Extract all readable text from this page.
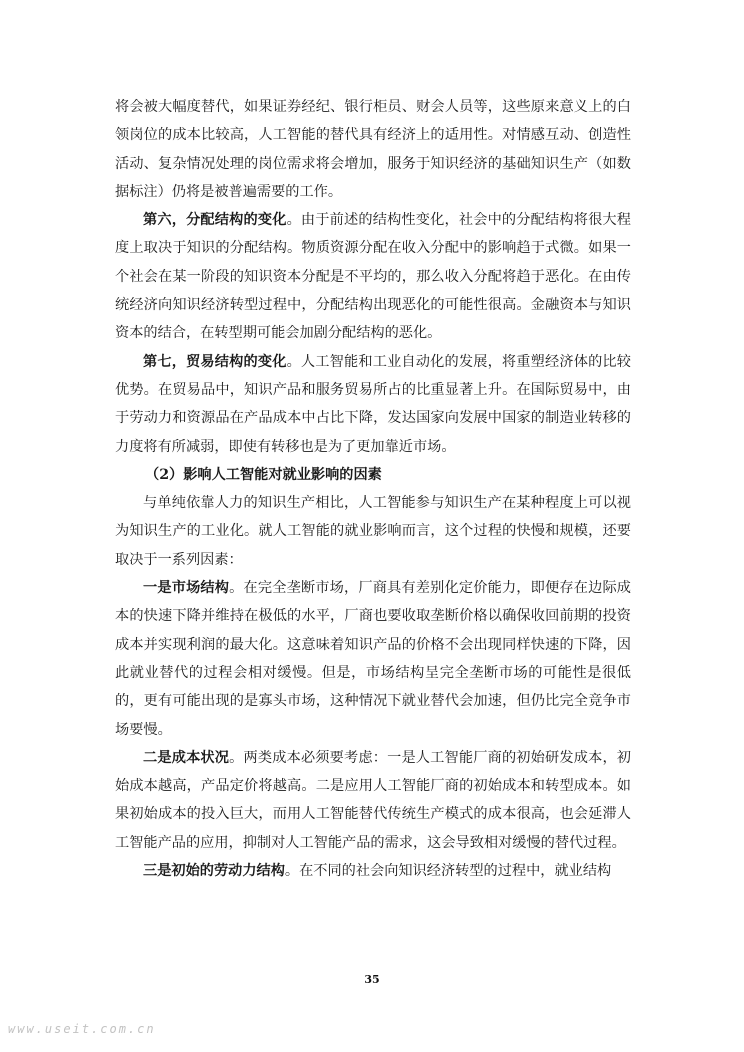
将会被大幅度替代，如果证券经纪、银行柜员、财会人员等，这些原来意义上的白领岗位的成本比较高，人工智能的替代具有经济上的适用性。对情感互动、创造性活动、复杂情况处理的岗位需求将会增加，服务于知识经济的基础知识生产（如数据标注）仍将是被普遍需要的工作。

第六，分配结构的变化。由于前述的结构性变化，社会中的分配结构将很大程度上取决于知识的分配结构。物质资源分配在收入分配中的影响趋于式微。如果一个社会在某一阶段的知识资本分配是不平均的，那么收入分配将趋于恶化。在由传统经济向知识经济转型过程中，分配结构出现恶化的可能性很高。金融资本与知识资本的结合，在转型期可能会加剧分配结构的恶化。

第七，贸易结构的变化。人工智能和工业自动化的发展，将重塑经济体的比较优势。在贸易品中，知识产品和服务贸易所占的比重显著上升。在国际贸易中，由于劳动力和资源品在产品成本中占比下降，发达国家向发展中国家的制造业转移的力度将有所减弱，即使有转移也是为了更加靠近市场。

（2）影响人工智能对就业影响的因素

与单纯依靠人力的知识生产相比，人工智能参与知识生产在某种程度上可以视为知识生产的工业化。就人工智能的就业影响而言，这个过程的快慢和规模，还要取决于一系列因素：

一是市场结构。在完全垄断市场，厂商具有差别化定价能力，即便存在边际成本的快速下降并维持在极低的水平，厂商也要收取垄断价格以确保收回前期的投资成本并实现利润的最大化。这意味着知识产品的价格不会出现同样快速的下降，因此就业替代的过程会相对缓慢。但是，市场结构呈完全垄断市场的可能性是很低的，更有可能出现的是寡头市场，这种情况下就业替代会加速，但仍比完全竞争市场要慢。

二是成本状况。两类成本必须要考虑：一是人工智能厂商的初始研发成本，初始成本越高，产品定价将越高。二是应用人工智能厂商的初始成本和转型成本。如果初始成本的投入巨大，而用人工智能替代传统生产模式的成本很高，也会延滞人工智能产品的应用，抑制对人工智能产品的需求，这会导致相对缓慢的替代过程。

三是初始的劳动力结构。在不同的社会向知识经济转型的过程中，就业结构

35
www.useit.com.cn
